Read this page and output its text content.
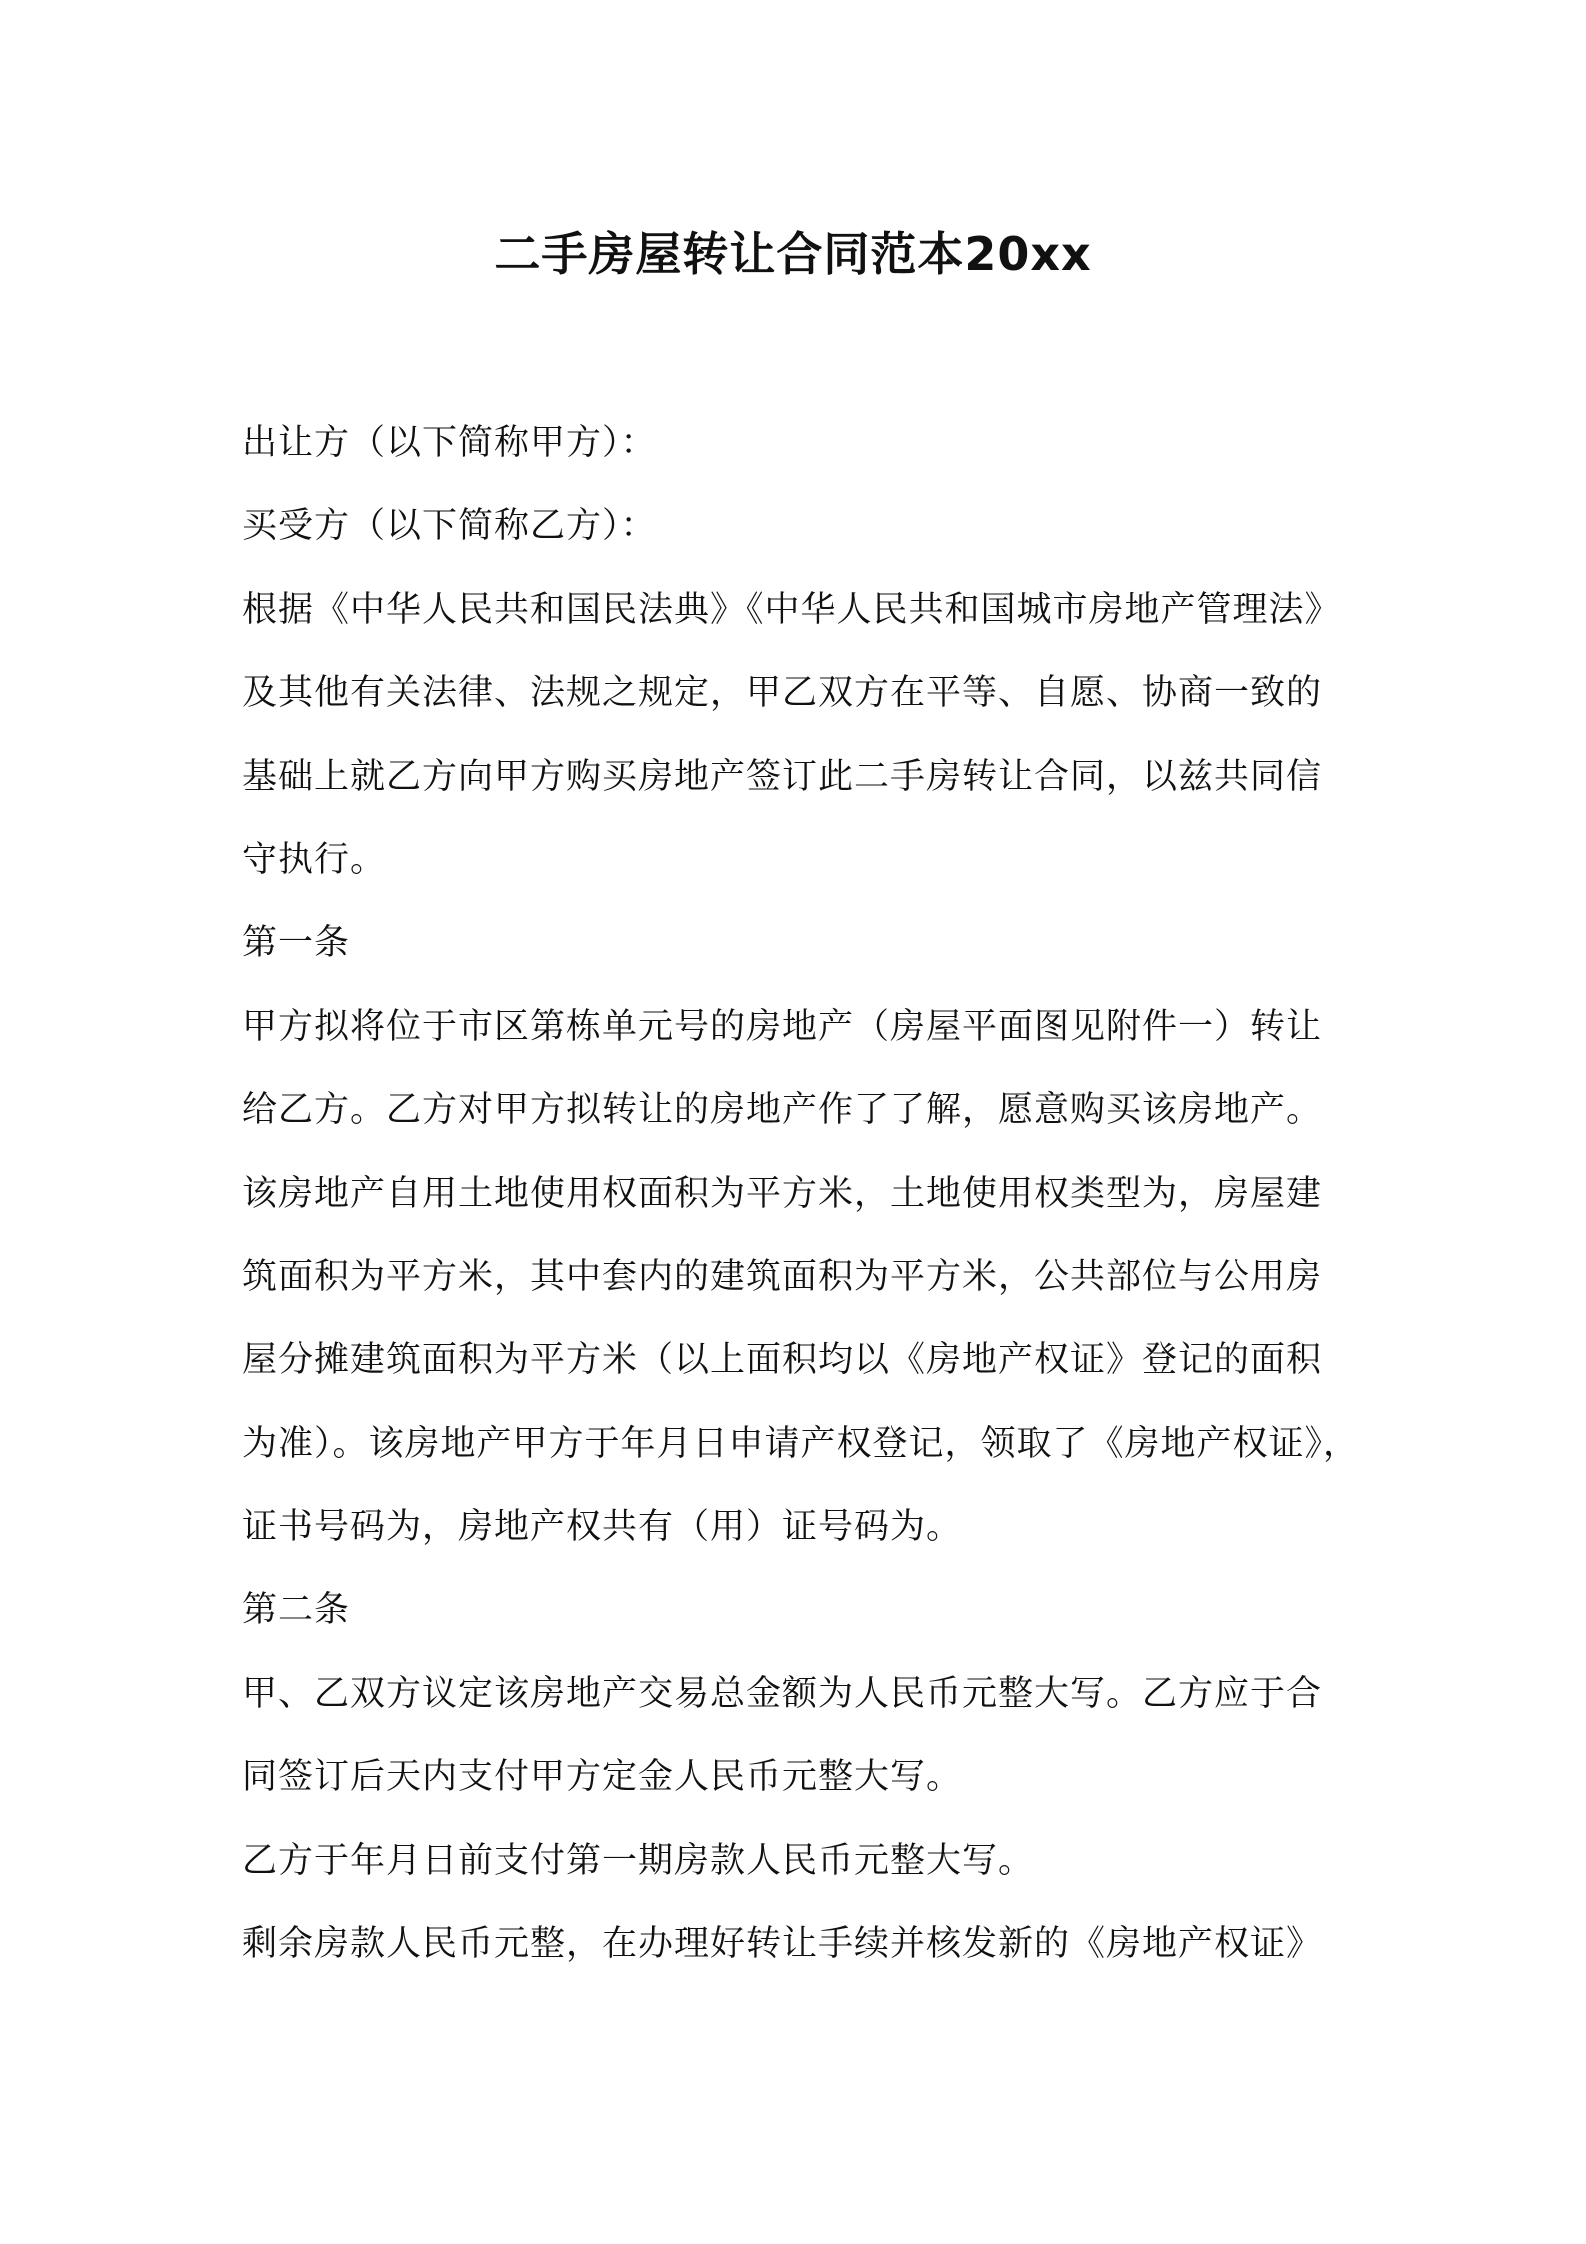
二手房屋转让合同范本20xx
出让方（以下简称甲方）：
买受方（以下简称乙方）：
根据《中华人民共和国民法典》《中华人民共和国城市房地产管理法》
及其他有关法律、法规之规定，甲乙双方在平等、自愿、协商一致的
基础上就乙方向甲方购买房地产签订此二手房转让合同，以兹共同信
守执行。
第一条
甲方拟将位于市区第栋单元号的房地产（房屋平面图见附件一）转让
给乙方。乙方对甲方拟转让的房地产作了了解，愿意购买该房地产。
该房地产自用土地使用权面积为平方米，土地使用权类型为，房屋建
筑面积为平方米，其中套内的建筑面积为平方米，公共部位与公用房
屋分摊建筑面积为平方米（以上面积均以《房地产权证》登记的面积
为准）。该房地产甲方于年月日申请产权登记，领取了《房地产权证》，
证书号码为，房地产权共有（用）证号码为。
第二条
甲、乙双方议定该房地产交易总金额为人民币元整大写。乙方应于合
同签订后天内支付甲方定金人民币元整大写。
乙方于年月日前支付第一期房款人民币元整大写。
剩余房款人民币元整，在办理好转让手续并核发新的《房地产权证》
